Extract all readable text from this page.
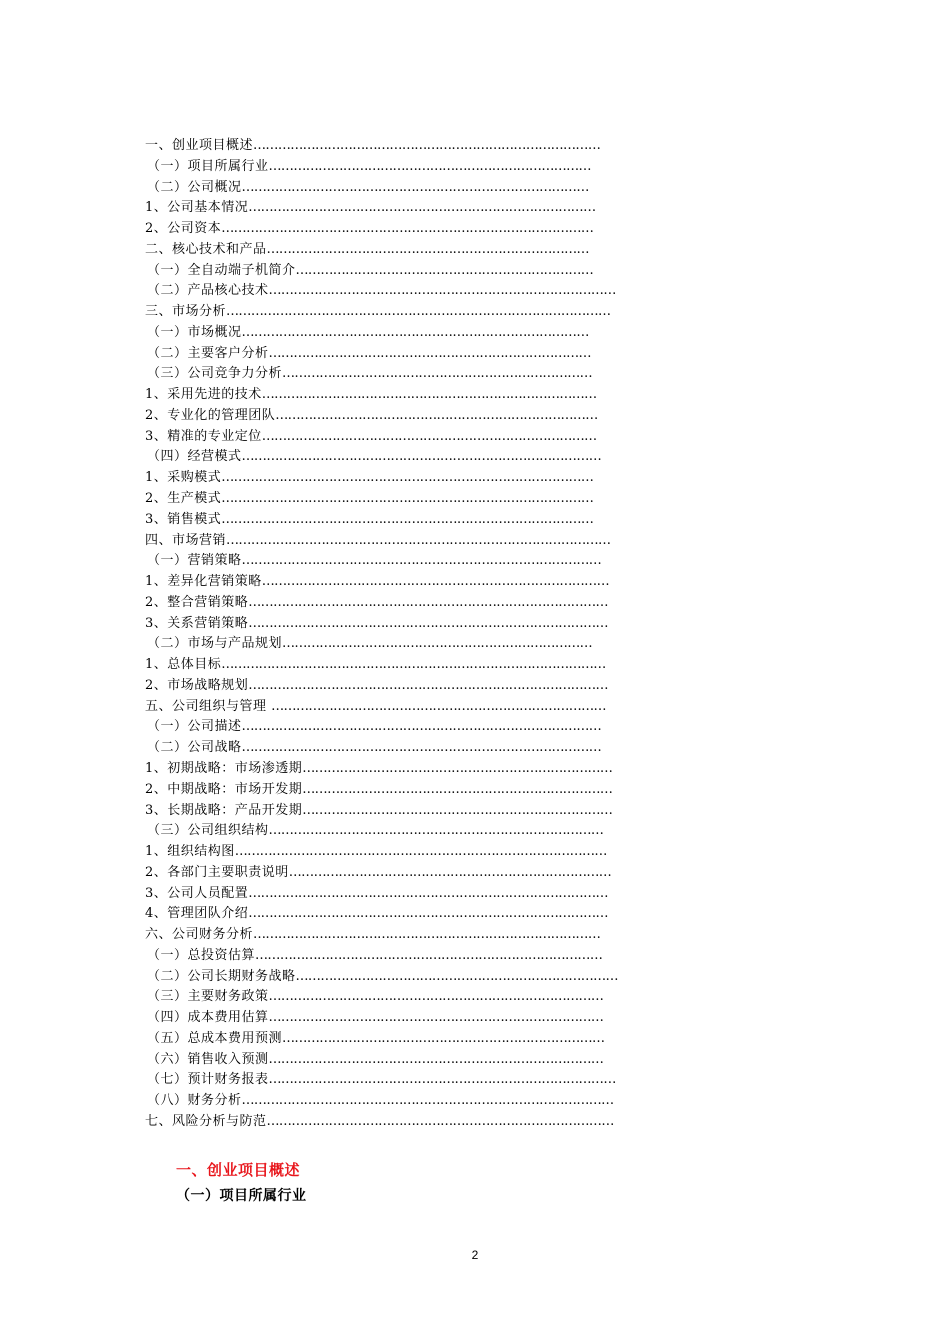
一、创业项目概述…………………………………………………………………………
（一）项目所属行业……………………………………………………………………
（二）公司概况…………………………………………………………………………
1、公司基本情况…………………………………………………………………………
2、公司资本………………………………………………………………………………
二、核心技术和产品……………………………………………………………………
（一）全自动端子机简介………………………………………………………………
（二）产品核心技术…………………………………………………………………………
三、市场分析…………………………………………………………………………………
（一）市场概况…………………………………………………………………………
（二）主要客户分析……………………………………………………………………
（三）公司竞争力分析…………………………………………………………………
1、采用先进的技术………………………………………………………………………
2、专业化的管理团队……………………………………………………………………
3、精准的专业定位………………………………………………………………………
（四）经营模式……………………………………………………………………………
1、采购模式………………………………………………………………………………
2、生产模式………………………………………………………………………………
3、销售模式………………………………………………………………………………
四、市场营销…………………………………………………………………………………
（一）营销策略……………………………………………………………………………
1、差异化营销策略…………………………………………………………………………
2、整合营销策略……………………………………………………………………………
3、关系营销策略……………………………………………………………………………
（二）市场与产品规划…………………………………………………………………
1、总体目标…………………………………………………………………………………
2、市场战略规划……………………………………………………………………………
五、公司组织与管理 ………………………………………………………………………
（一）公司描述……………………………………………………………………………
（二）公司战略……………………………………………………………………………
1、初期战略：市场渗透期…………………………………………………………………
2、中期战略：市场开发期…………………………………………………………………
3、长期战略：产品开发期…………………………………………………………………
（三）公司组织结构………………………………………………………………………
1、组织结构图………………………………………………………………………………
2、各部门主要职责说明……………………………………………………………………
3、公司人员配置……………………………………………………………………………
4、管理团队介绍……………………………………………………………………………
六、公司财务分析…………………………………………………………………………
（一）总投资估算…………………………………………………………………………
（二）公司长期财务战略……………………………………………………………………
（三）主要财务政策………………………………………………………………………
（四）成本费用估算………………………………………………………………………
（五）总成本费用预测……………………………………………………………………
（六）销售收入预测………………………………………………………………………
（七）预计财务报表…………………………………………………………………………
（八）财务分析………………………………………………………………………………
七、风险分析与防范…………………………………………………………………………
一、创业项目概述
（一）项目所属行业
2
